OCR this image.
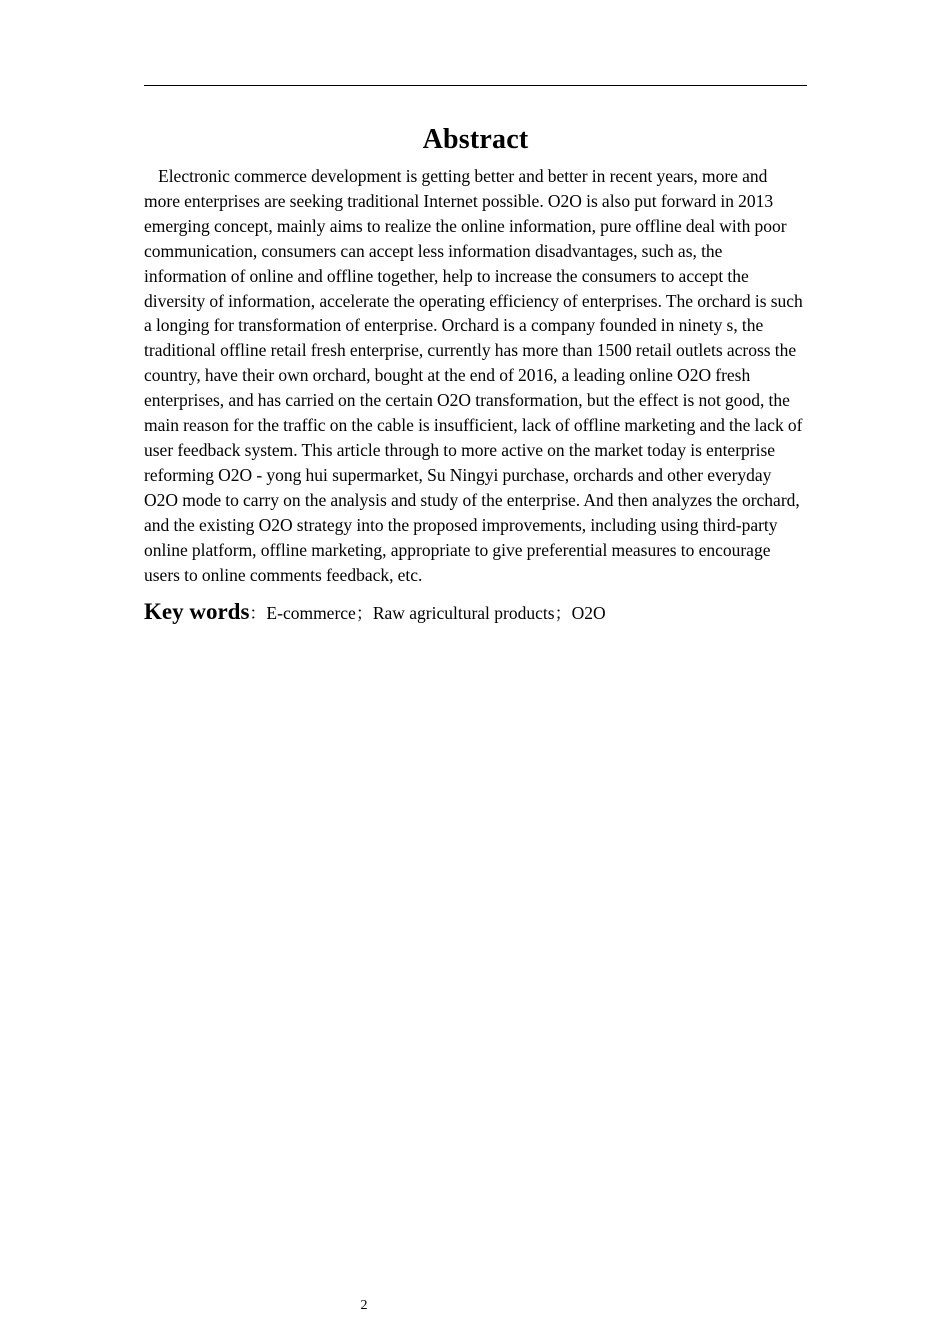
Abstract

Electronic commerce development is getting better and better in recent years, more and more enterprises are seeking traditional Internet possible. O2O is also put forward in 2013 emerging concept, mainly aims to realize the online information, pure offline deal with poor communication, consumers can accept less information disadvantages, such as, the information of online and offline together, help to increase the consumers to accept the diversity of information, accelerate the operating efficiency of enterprises. The orchard is such a longing for transformation of enterprise. Orchard is a company founded in ninety s, the traditional offline retail fresh enterprise, currently has more than 1500 retail outlets across the country, have their own orchard, bought at the end of 2016, a leading online O2O fresh enterprises, and has carried on the certain O2O transformation, but the effect is not good, the main reason for the traffic on the cable is insufficient, lack of offline marketing and the lack of user feedback system. This article through to more active on the market today is enterprise reforming O2O - yong hui supermarket, Su Ningyi purchase, orchards and other everyday O2O mode to carry on the analysis and study of the enterprise. And then analyzes the orchard, and the existing O2O strategy into the proposed improvements, including using third-party online platform, offline marketing, appropriate to give preferential measures to encourage users to online comments feedback, etc.

Key words：E-commerce；Raw agricultural products；O2O

2
